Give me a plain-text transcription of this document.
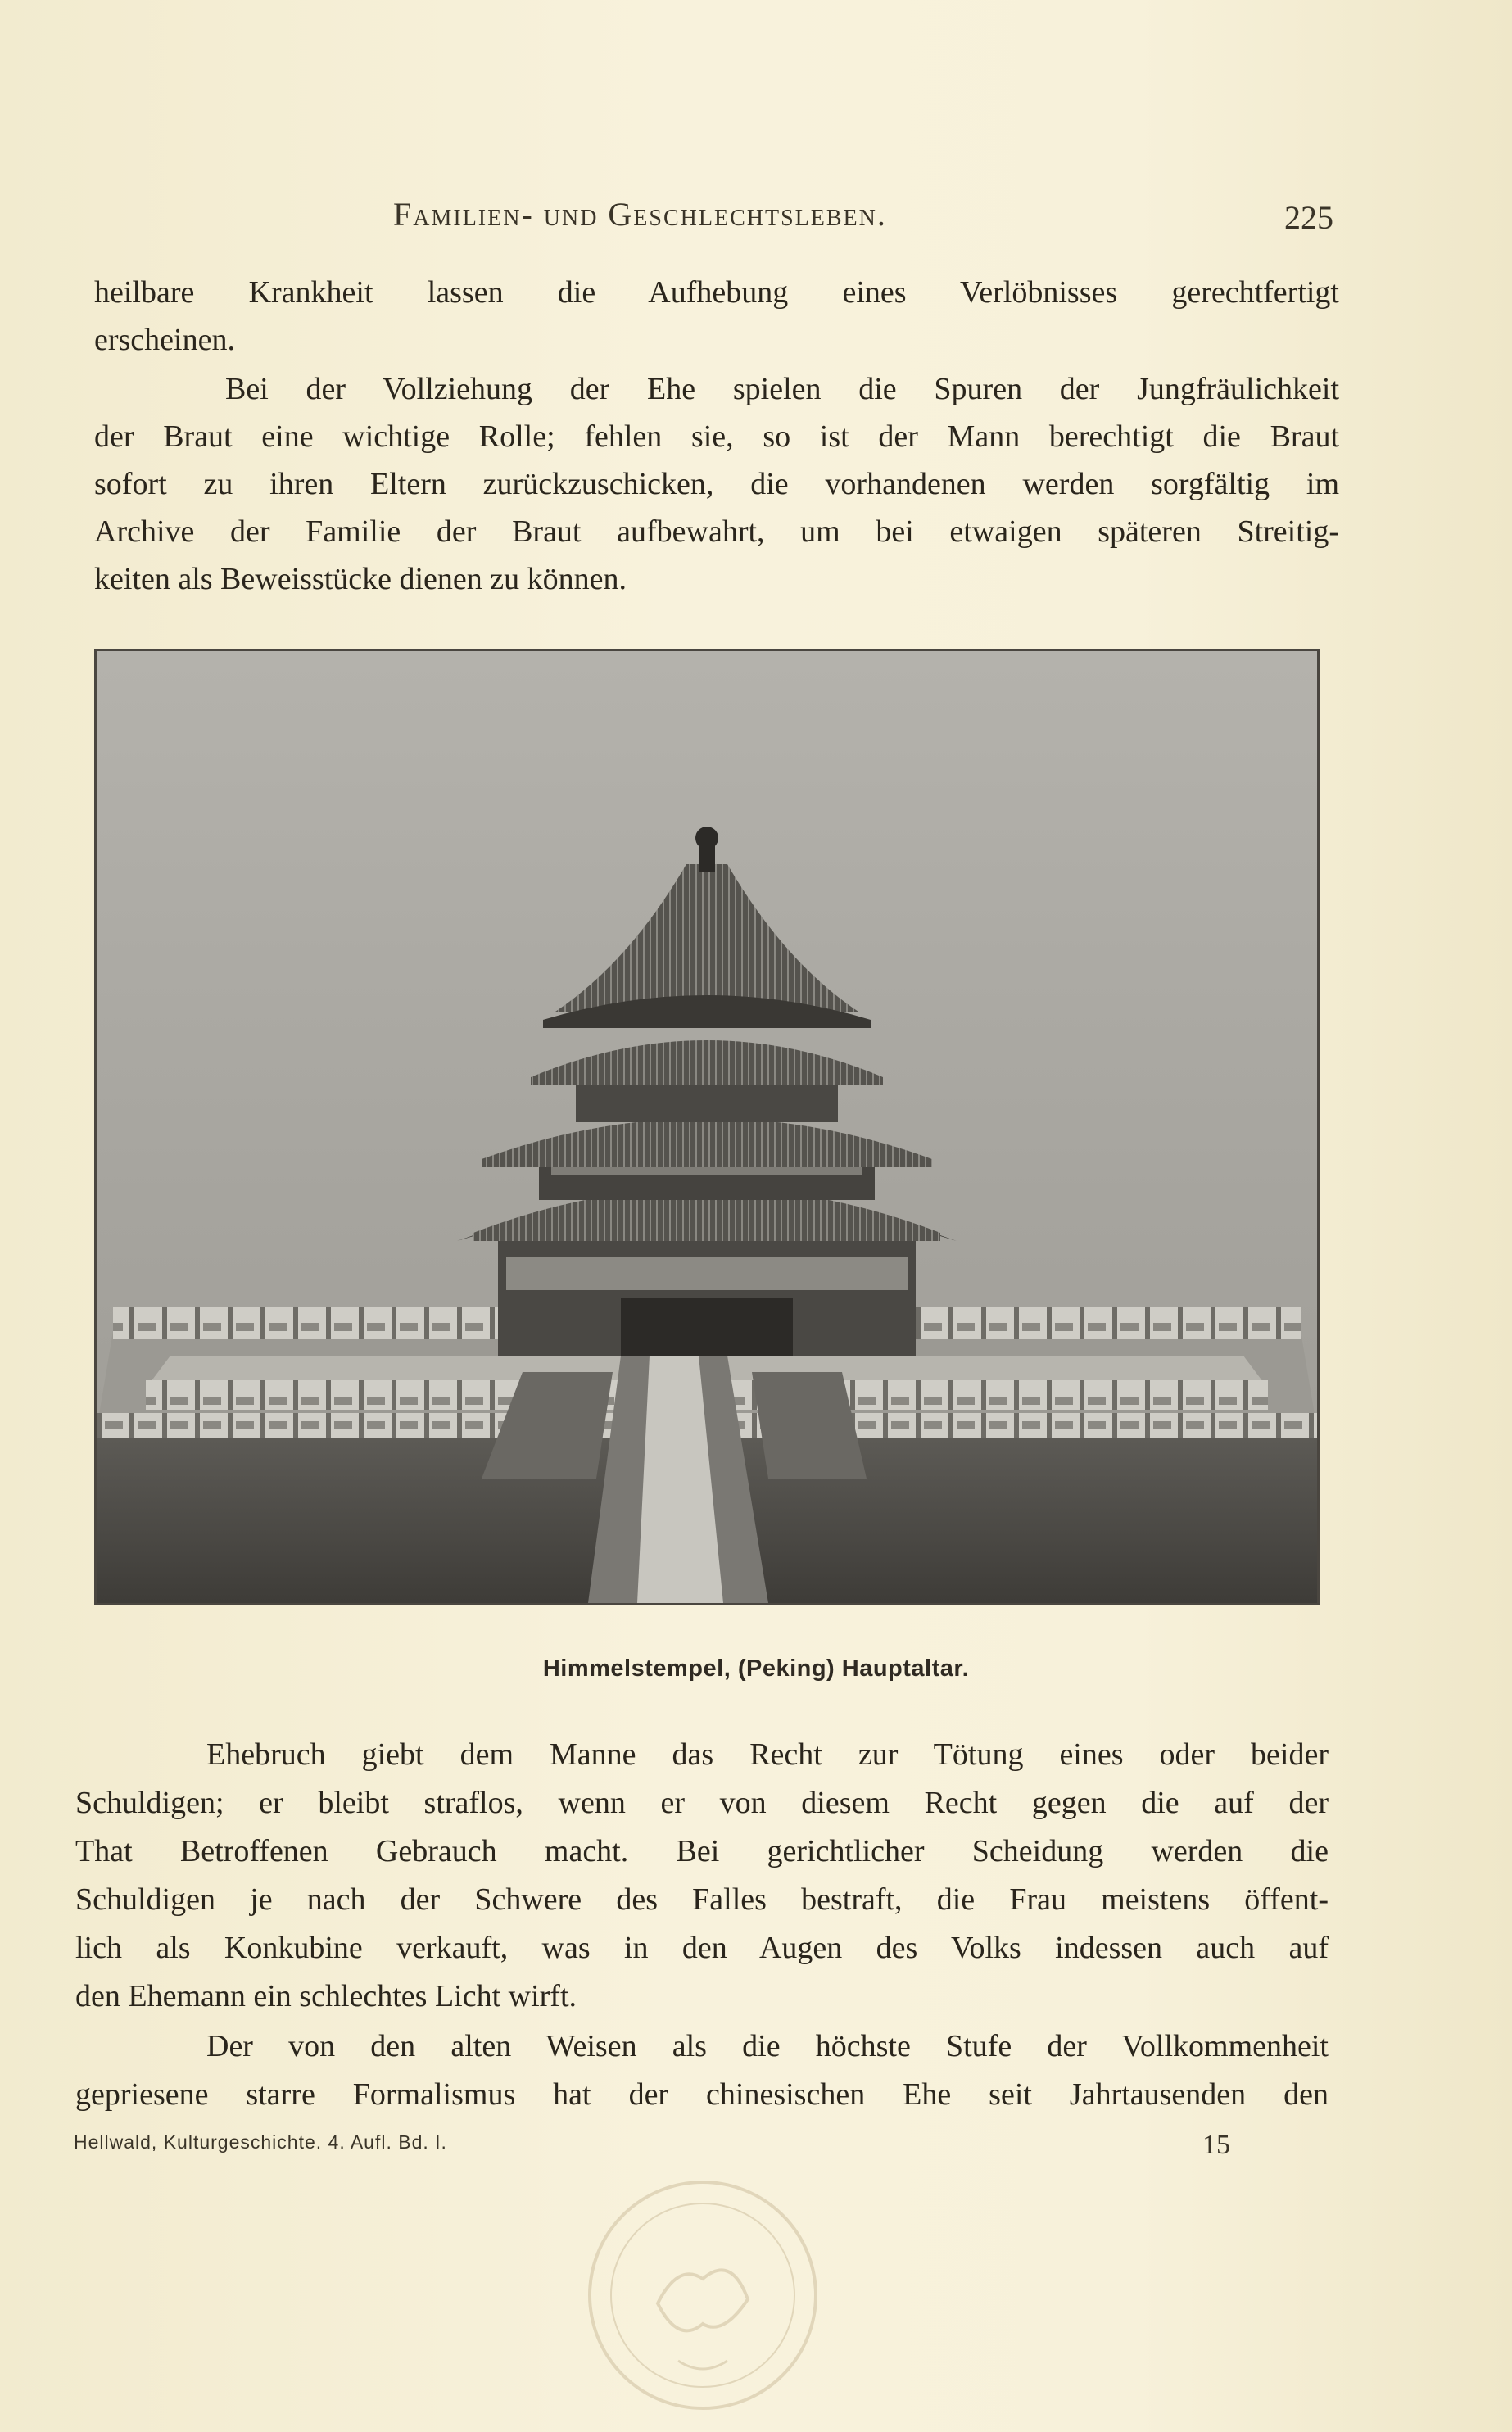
Familien- und Geschlechtsleben.	225
heilbare Krankheit lassen die Aufhebung eines Verlöbnisses gerechtfertigt
erscheinen.
Bei der Vollziehung der Ehe spielen die Spuren der Jungfräulichkeit
der Braut eine wichtige Rolle; fehlen sie, so ist der Mann berechtigt die Braut
sofort zu ihren Eltern zurückzuschicken, die vorhandenen werden sorgfältig im
Archive der Familie der Braut aufbewahrt, um bei etwaigen späteren Streitig-
keiten als Beweisstücke dienen zu können.
Himmelstempel, (Peking) Hauptaltar.
Ehebruch giebt dem Manne das Recht zur Tötung eines oder beider
Schuldigen; er bleibt straflos, wenn er von diesem Recht gegen die auf der
That Betroffenen Gebrauch macht. Bei gerichtlicher Scheidung werden die
Schuldigen je nach der Schwere des Falles bestraft, die Frau meistens öffent-
lich als Konkubine verkauft, was in den Augen des Volks indessen auch auf
den Ehemann ein schlechtes Licht wirft.
Der von den alten Weisen als die höchste Stufe der Vollkommenheit
gepriesene starre Formalismus hat der chinesischen Ehe seit Jahrtausenden den
Hellwald, Kulturgeschichte. 4. Aufl. Bd. I.	15
